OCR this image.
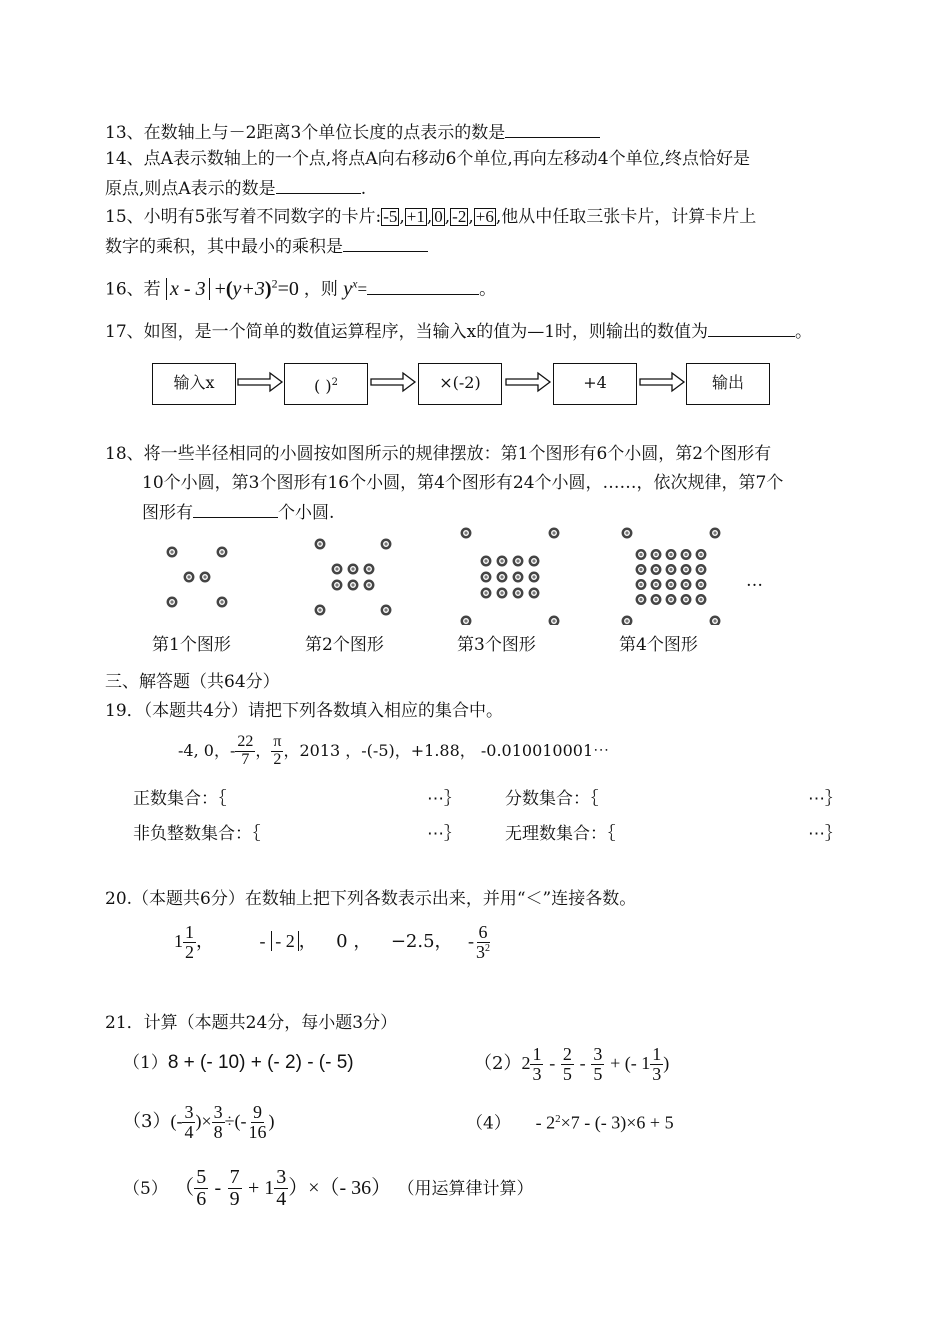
13、在数轴上与－2距离3个单位长度的点表示的数是
14、点A表示数轴上的一个点,将点A向右移动6个单位,再向左移动4个单位,终点恰好是
原点,则点A表示的数是	.
15、小明有5张写着不同数字的卡片: -5 , +1 , 0 , -2 , +6 ,他从中任取三张卡片，计算卡片上
数字的乘积，其中最小的乘积是
16、若 $x - 3 +(y+3)^2=0$ ，则 $y^x=$	。
17、如图，是一个简单的数值运算程序，当输入x的值为—1时，则输出的数值为	。
输入x	( )$^2$	×(-2)	+4	输出
18、将一些半径相同的小圆按如图所示的规律摆放：第1个图形有6个小圆，第2个图形有
10个小圆，第3个图形有16个小圆，第4个图形有24个小圆，……，依次规律，第7个
图形有	个小圆.
第1个图形	第2个图形	第3个图形	第4个图形
…
三、解答题（共64分）
19．（本题共4分）请把下列各数填入相应的集合中。
-4, 0，- $\frac{22}{7}$ ， $\frac{\pi}{2}$ ，2013 ，-(-5)，+1.88， -0.010010001⋯
正数集合：｛	⋯｝	分数集合：｛	⋯｝
非负整数集合：｛	⋯｝	无理数集合：｛	⋯｝
20.（本题共6分）在数轴上把下列各数表示出来，并用“＜”连接各数。
$1 \frac{1}{2}$ ，	- - 2 ， 0 ， −2.5， - $\frac{6}{3^2}$
21．计算（本题共24分，每小题3分）
（1）8 + (- 10) + (- 2) - (- 5)	$(2)2 \frac{1}{3} - \frac{2}{5} - \frac{3}{5}$ + (- $1 \frac{1}{3}$ )
$(3)(- \frac{3}{4}$ )× $\frac{3}{8}$ ÷(- $\frac{9}{16}$ )	$(4) - 2^2\times 7$ - (- 3)×6 + 5
（5） （ $\frac{5}{6} - \frac{7}{9} + 1 \frac{3}{4}$ ）×（- 36） （用运算律计算）
